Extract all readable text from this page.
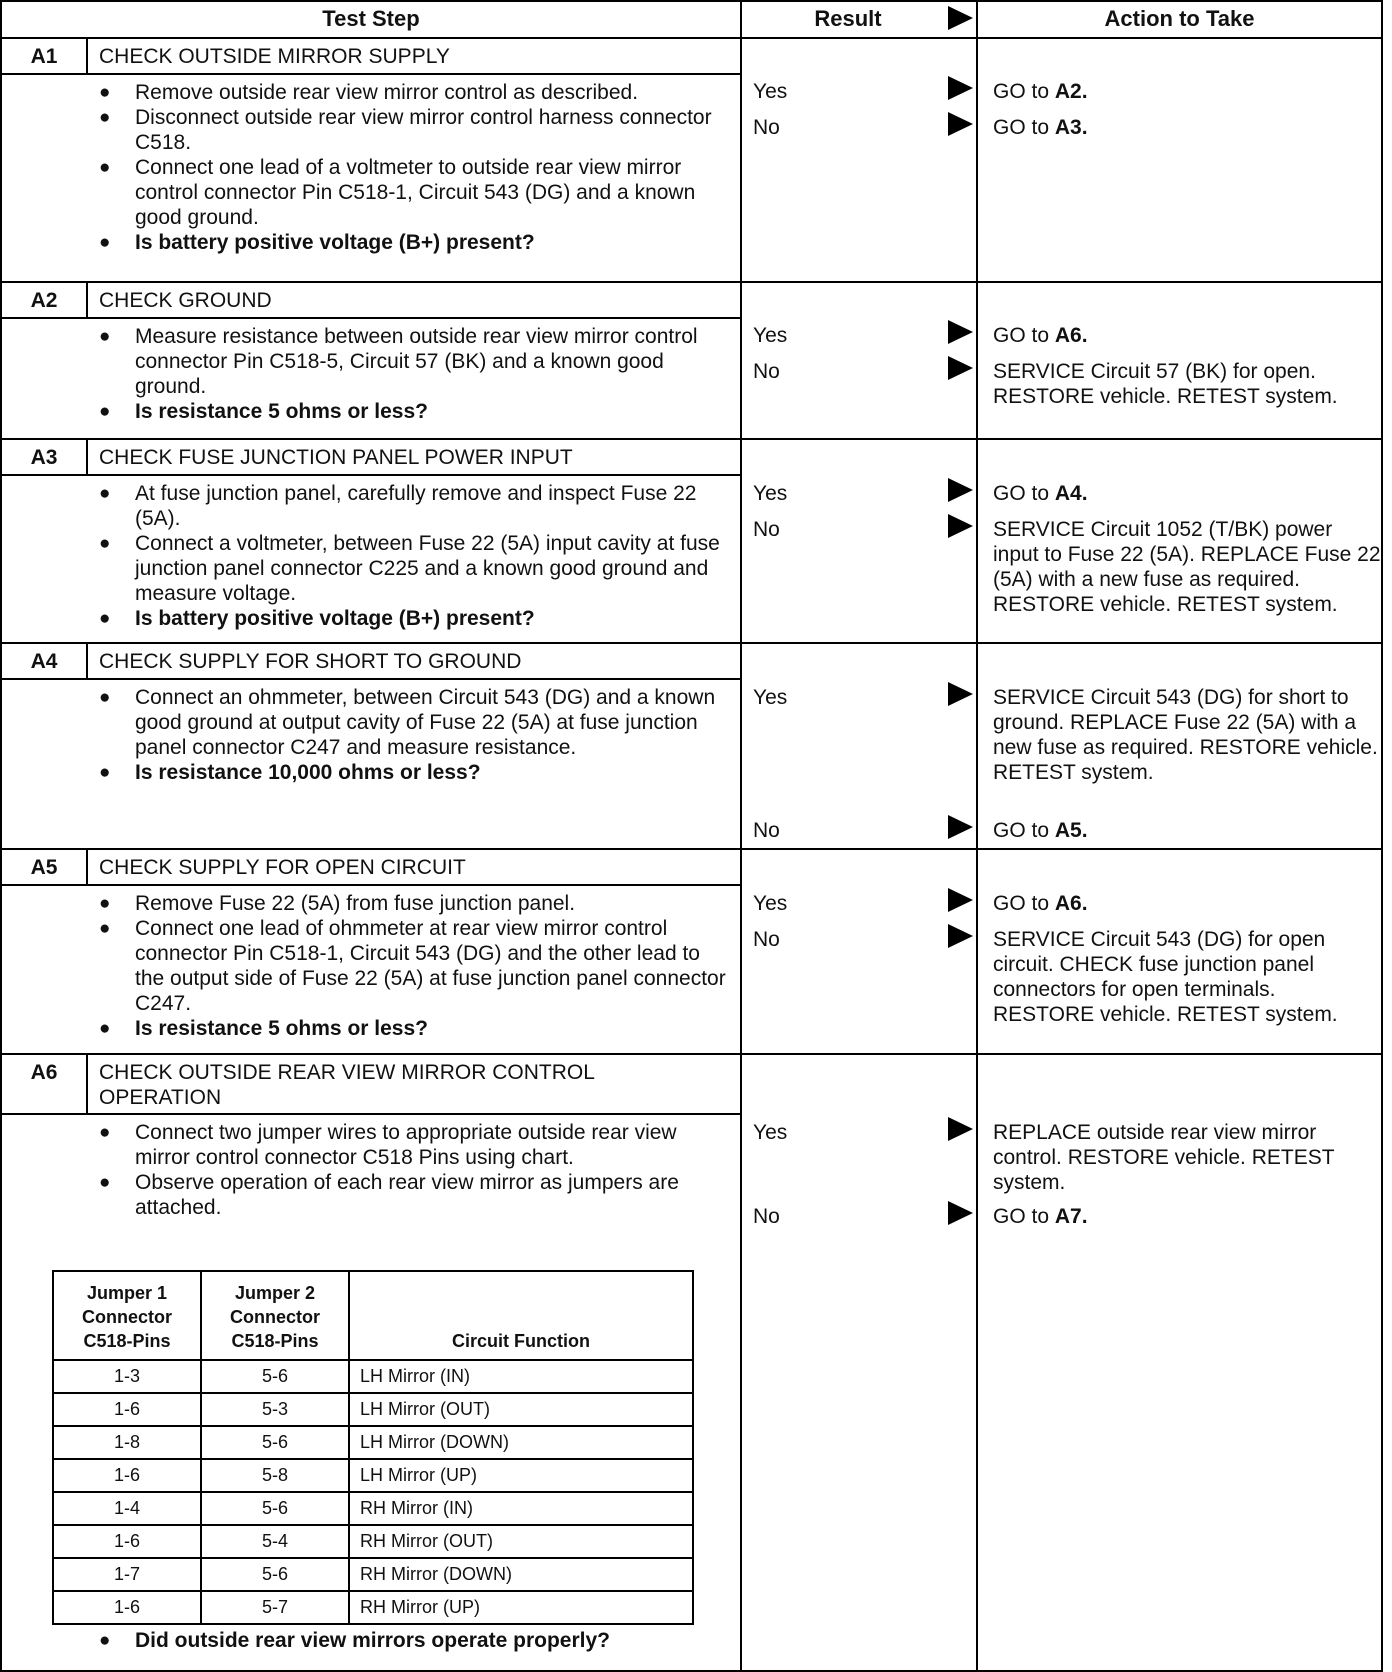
Test Step	Result	Action to Take
A1	CHECK OUTSIDE MIRROR SUPPLY
● Remove outside rear view mirror control as described.
● Disconnect outside rear view mirror control harness connector C518.
● Connect one lead of a voltmeter to outside rear view mirror control connector Pin C518-1, Circuit 543 (DG) and a known good ground.
● Is battery positive voltage (B+) present?
Yes	GO to A2.
No	GO to A3.
A2	CHECK GROUND
● Measure resistance between outside rear view mirror control connector Pin C518-5, Circuit 57 (BK) and a known good ground.
● Is resistance 5 ohms or less?
Yes	GO to A6.
No	SERVICE Circuit 57 (BK) for open. RESTORE vehicle. RETEST system.
A3	CHECK FUSE JUNCTION PANEL POWER INPUT
● At fuse junction panel, carefully remove and inspect Fuse 22 (5A).
● Connect a voltmeter, between Fuse 22 (5A) input cavity at fuse junction panel connector C225 and a known good ground and measure voltage.
● Is battery positive voltage (B+) present?
Yes	GO to A4.
No	SERVICE Circuit 1052 (T/BK) power input to Fuse 22 (5A). REPLACE Fuse 22 (5A) with a new fuse as required. RESTORE vehicle. RETEST system.
A4	CHECK SUPPLY FOR SHORT TO GROUND
● Connect an ohmmeter, between Circuit 543 (DG) and a known good ground at output cavity of Fuse 22 (5A) at fuse junction panel connector C247 and measure resistance.
● Is resistance 10,000 ohms or less?
Yes	SERVICE Circuit 543 (DG) for short to ground. REPLACE Fuse 22 (5A) with a new fuse as required. RESTORE vehicle. RETEST system.
No	GO to A5.
A5	CHECK SUPPLY FOR OPEN CIRCUIT
● Remove Fuse 22 (5A) from fuse junction panel.
● Connect one lead of ohmmeter at rear view mirror control connector Pin C518-1, Circuit 543 (DG) and the other lead to the output side of Fuse 22 (5A) at fuse junction panel connector C247.
● Is resistance 5 ohms or less?
Yes	GO to A6.
No	SERVICE Circuit 543 (DG) for open circuit. CHECK fuse junction panel connectors for open terminals. RESTORE vehicle. RETEST system.
A6	CHECK OUTSIDE REAR VIEW MIRROR CONTROL
OPERATION
● Connect two jumper wires to appropriate outside rear view mirror control connector C518 Pins using chart.
● Observe operation of each rear view mirror as jumpers are attached.
Yes	REPLACE outside rear view mirror control. RESTORE vehicle. RETEST system.
No	GO to A7.
Jumper 1 Connector C518-Pins	Jumper 2 Connector C518-Pins	Circuit Function
1-3	5-6	LH Mirror (IN)
1-6	5-3	LH Mirror (OUT)
1-8	5-6	LH Mirror (DOWN)
1-6	5-8	LH Mirror (UP)
1-4	5-6	RH Mirror (IN)
1-6	5-4	RH Mirror (OUT)
1-7	5-6	RH Mirror (DOWN)
1-6	5-7	RH Mirror (UP)
● Did outside rear view mirrors operate properly?
